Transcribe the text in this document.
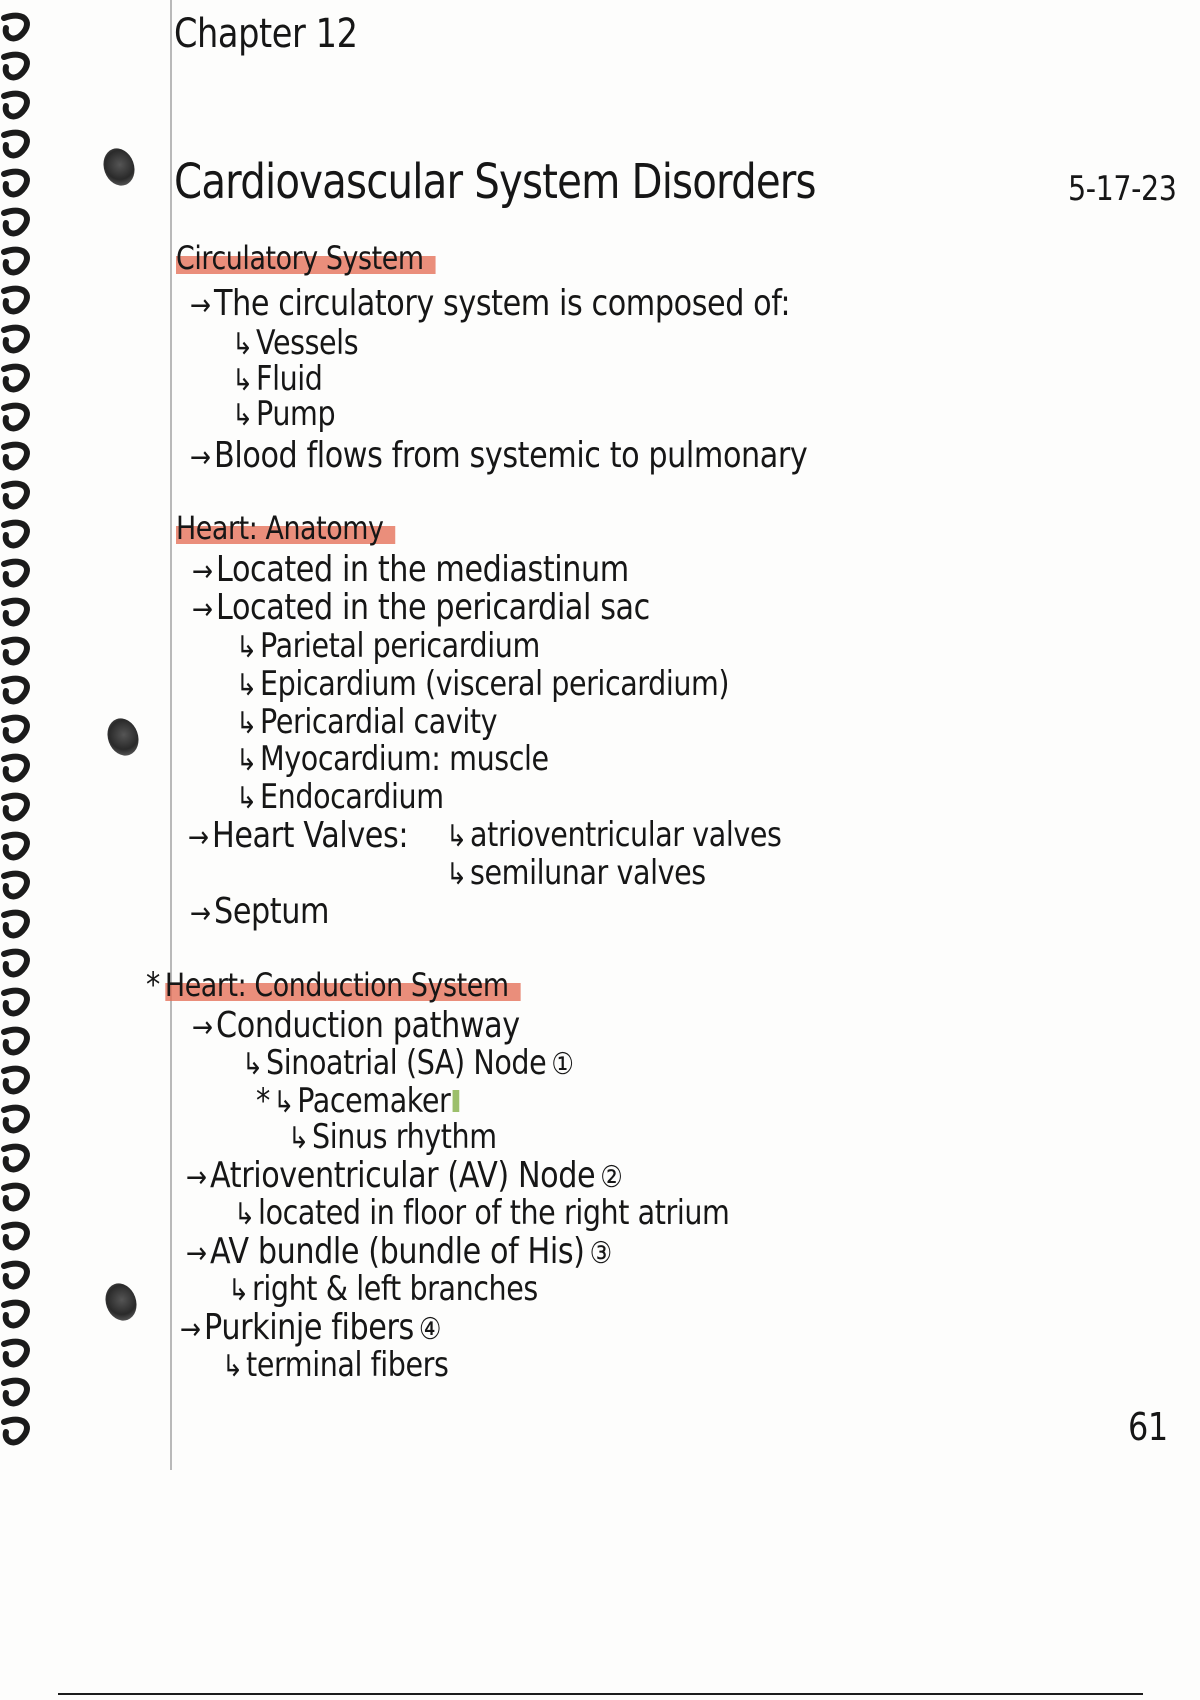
Chapter 12
Cardiovascular System Disorders	5-17-23
Circulatory System
→The circulatory system is composed of:
↳Vessels
↳Fluid
↳Pump
→Blood flows from systemic to pulmonary
Heart: Anatomy
→Located in the mediastinum
→Located in the pericardial sac
↳Parietal pericardium
↳Epicardium (visceral pericardium)
↳Pericardial cavity
↳Myocardium: muscle
↳Endocardium
→Heart Valves: ↳atrioventricular valves
↳semilunar valves
→Septum
* Heart: Conduction System
→Conduction pathway
↳Sinoatrial (SA) Node ①
* ↳Pacemaker
↳Sinus rhythm
→Atrioventricular (AV) Node ②
↳located in floor of the right atrium
→AV bundle (bundle of His) ③
↳right & left branches
→Purkinje fibers ④
↳terminal fibers
61
